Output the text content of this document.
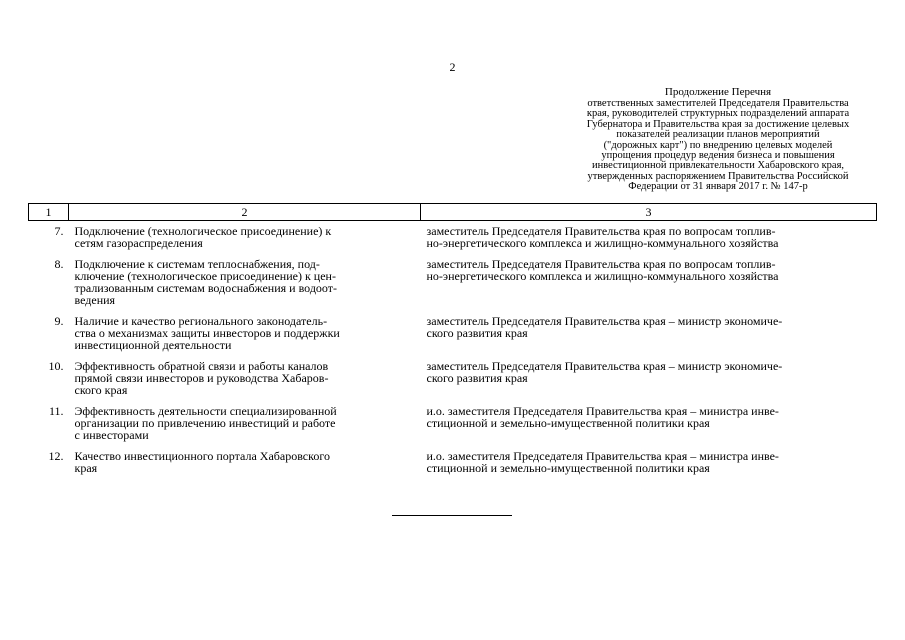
2
Продолжение Перечня
ответственных заместителей Председателя Правительства
края, руководителей структурных подразделений аппарата
Губернатора и Правительства края за достижение целевых
показателей реализации планов мероприятий
("дорожных карт") по внедрению целевых моделей
упрощения процедур ведения бизнеса и повышения
инвестиционной привлекательности Хабаровского края,
утвержденных распоряжением Правительства Российской
Федерации от 31 января 2017 г. № 147-р
1	2	3
7.	Подключение (технологическое присоединение) к
сетям газораспределения	заместитель Председателя Правительства края по вопросам топлив-
но-энергетического комплекса и жилищно-коммунального хозяйства

8.	Подключение к системам теплоснабжения, под-
ключение (технологическое присоединение) к цен-
трализованным системам водоснабжения и водоот-
ведения	заместитель Председателя Правительства края по вопросам топлив-
но-энергетического комплекса и жилищно-коммунального хозяйства

9.	Наличие и качество регионального законодатель-
ства о механизмах защиты инвесторов и поддержки
инвестиционной деятельности	заместитель Председателя Правительства края – министр экономиче-
ского развития края

10.	Эффективность обратной связи и работы каналов
прямой связи инвесторов и руководства Хабаров-
ского края	заместитель Председателя Правительства края – министр экономиче-
ского развития края

11.	Эффективность деятельности специализированной
организации по привлечению инвестиций и работе
с инвесторами	и.о. заместителя Председателя Правительства края – министра инве-
стиционной и земельно-имущественной политики края

12.	Качество инвестиционного портала Хабаровского
края	и.о. заместителя Председателя Правительства края – министра инве-
стиционной и земельно-имущественной политики края
